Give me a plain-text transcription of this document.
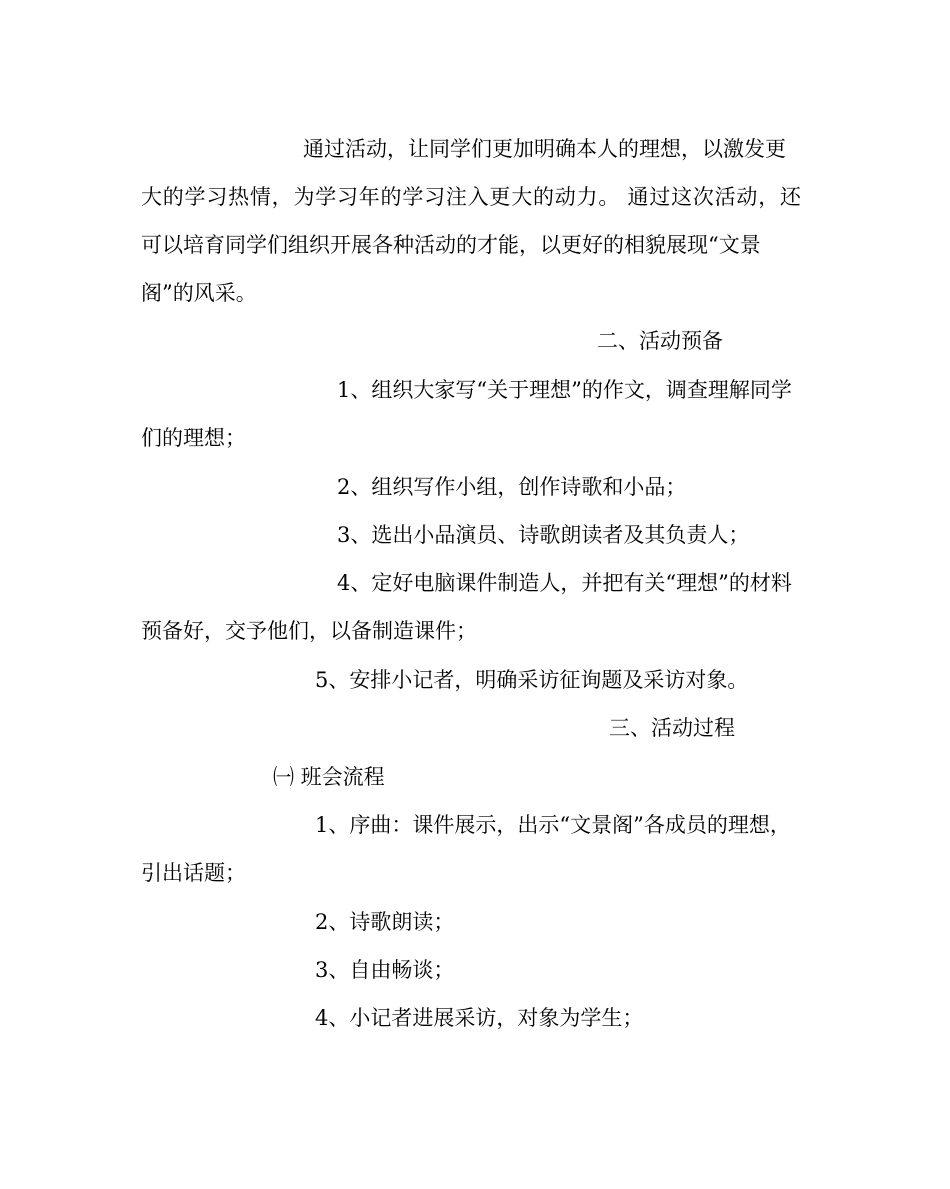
通过活动，让同学们更加明确本人的理想，以激发更
大的学习热情，为学习年的学习注入更大的动力。 通过这次活动，还
可以培育同学们组织开展各种活动的才能，以更好的相貌展现“文景
阁”的风采。
二、活动预备
1、组织大家写“关于理想”的作文，调查理解同学
们的理想；
2、组织写作小组，创作诗歌和小品；
3、选出小品演员、诗歌朗读者及其负责人；
4、定好电脑课件制造人，并把有关“理想”的材料
预备好，交予他们，以备制造课件；
5、安排小记者，明确采访征询题及采访对象。
三、活动过程
㈠ 班会流程
1、序曲：课件展示，出示“文景阁”各成员的理想，
引出话题；
2、诗歌朗读；
3、自由畅谈；
4、小记者进展采访，对象为学生；
